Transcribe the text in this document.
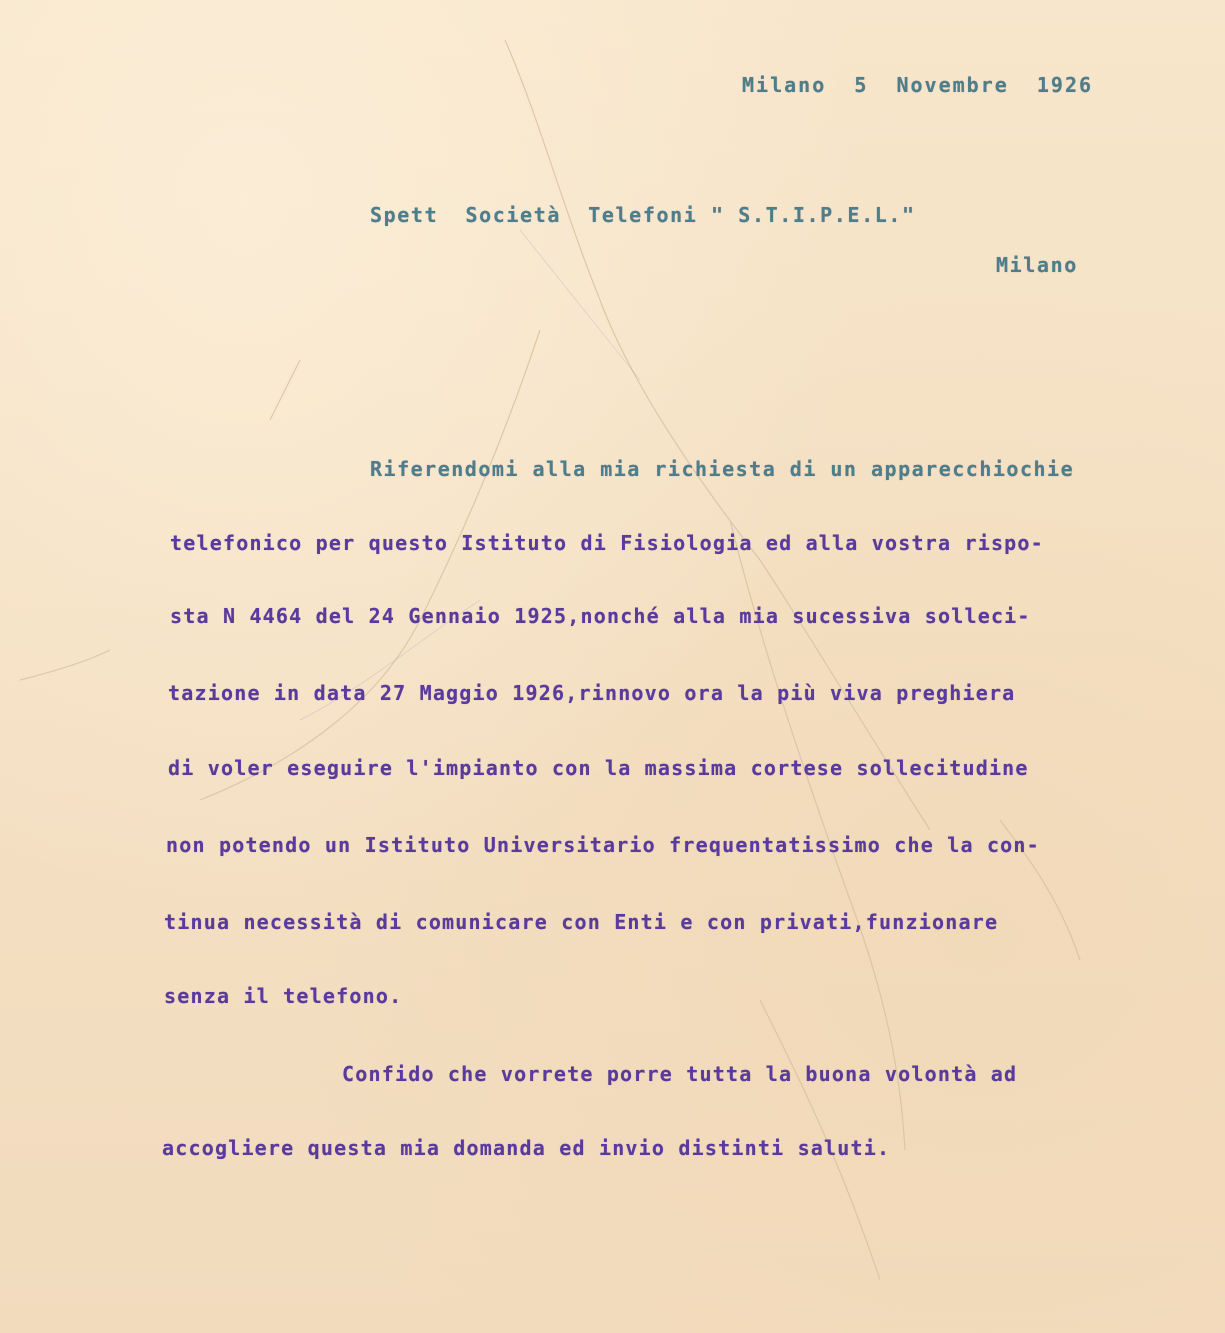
Milano  5  Novembre  1926
Spett  Società  Telefoni " S.T.I.P.E.L."
Milano
Riferendomi alla mia richiesta di un apparecchiochie
telefonico per questo Istituto di Fisiologia ed alla vostra rispo-
sta N 4464 del 24 Gennaio 1925,nonché alla mia sucessiva solleci-
tazione in data 27 Maggio 1926,rinnovo ora la più viva preghiera
di voler eseguire l'impianto con la massima cortese sollecitudine
non potendo un Istituto Universitario frequentatissimo che la con-
tinua necessità di comunicare con Enti e con privati,funzionare
senza il telefono.
Confido che vorrete porre tutta la buona volontà ad
accogliere questa mia domanda ed invio distinti saluti.
